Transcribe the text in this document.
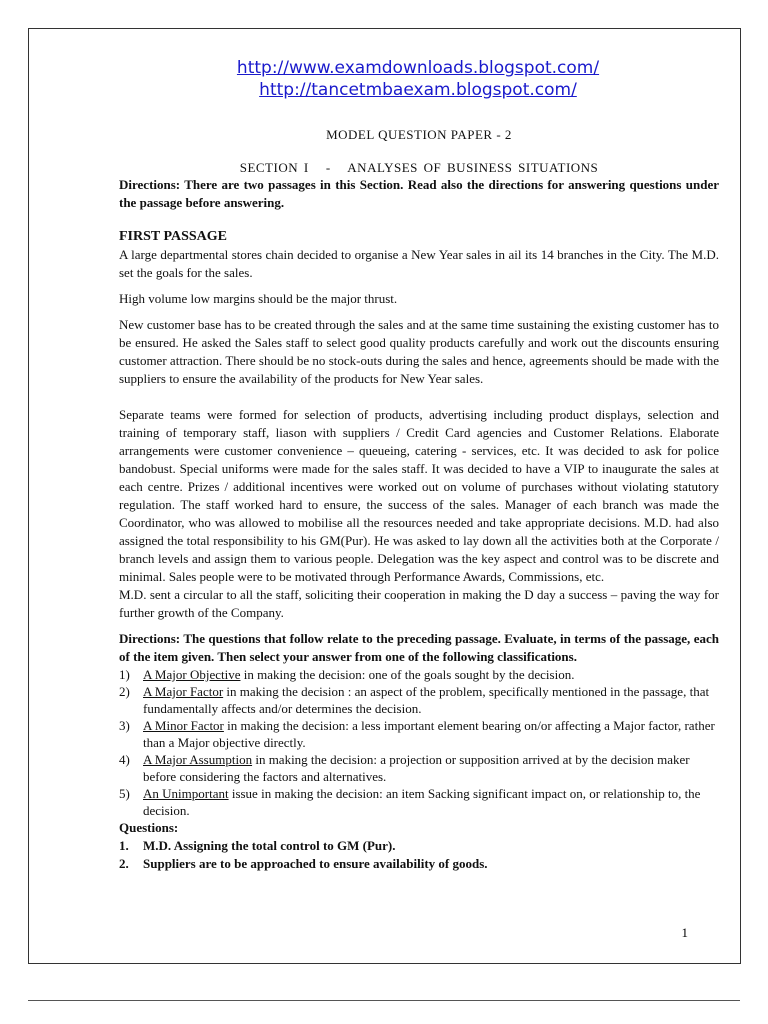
http://www.examdownloads.blogspot.com/
http://tancetmbaexam.blogspot.com/
MODEL QUESTION PAPER - 2
SECTION I   -   ANALYSES OF BUSINESS SITUATIONS

Directions: There are two passages in this Section. Read also the directions for answering questions under the passage before answering.

FIRST PASSAGE

A large departmental stores chain decided to organise a New Year sales in ail its 14 branches in the City. The M.D. set the goals for the sales.

High volume low margins should be the major thrust.

New customer base has to be created through the sales and at the same time sustaining the existing customer has to be ensured. He asked the Sales staff to select good quality products carefully and work out the discounts ensuring customer attraction. There should be no stock-outs during the sales and hence, agreements should be made with the suppliers to ensure the availability of the products for New Year sales.

Separate teams were formed for selection of products, advertising including product displays, selection and training of temporary staff, liason with suppliers / Credit Card agencies and Customer Relations. Elaborate arrangements were customer convenience – queueing, catering - services, etc. It was decided to ask for police bandobust. Special uniforms were made for the sales staff. It was decided to have a VIP to inaugurate the sales at each centre. Prizes / additional incentives were worked out on volume of purchases without violating statutory regulation. The staff worked hard to ensure, the success of the sales. Manager of each branch was made the Coordinator, who was allowed to mobilise all the resources needed and take appropriate decisions. M.D. had also assigned the total responsibility to his GM(Pur). He was asked to lay down all the activities both at the Corporate / branch levels and assign them to various people. Delegation was the key aspect and control was to be discrete and minimal. Sales people were to be motivated through Performance Awards, Commissions, etc.

M.D. sent a circular to all the staff, soliciting their cooperation in making the D day a success – paving the way for further growth of the Company.

Directions: The questions that follow relate to the preceding passage. Evaluate, in terms of the passage, each of the item given. Then select your answer from one of the following classifications.

1) A Major Objective in making the decision: one of the goals sought by the decision.
2) A Major Factor in making the decision : an aspect of the problem, specifically mentioned in the passage, that fundamentally affects and/or determines the decision.
3) A Minor Factor in making the decision: a less important element bearing on/or affecting a Major factor, rather than a Major objective directly.
4) A Major Assumption in making the decision: a projection or supposition arrived at by the decision maker before considering the factors and alternatives.
5) An Unimportant issue in making the decision: an item Sacking significant impact on, or relationship to, the decision.

Questions:

1. M.D. Assigning the total control to GM (Pur).
2. Suppliers are to be approached to ensure availability of goods.
1
